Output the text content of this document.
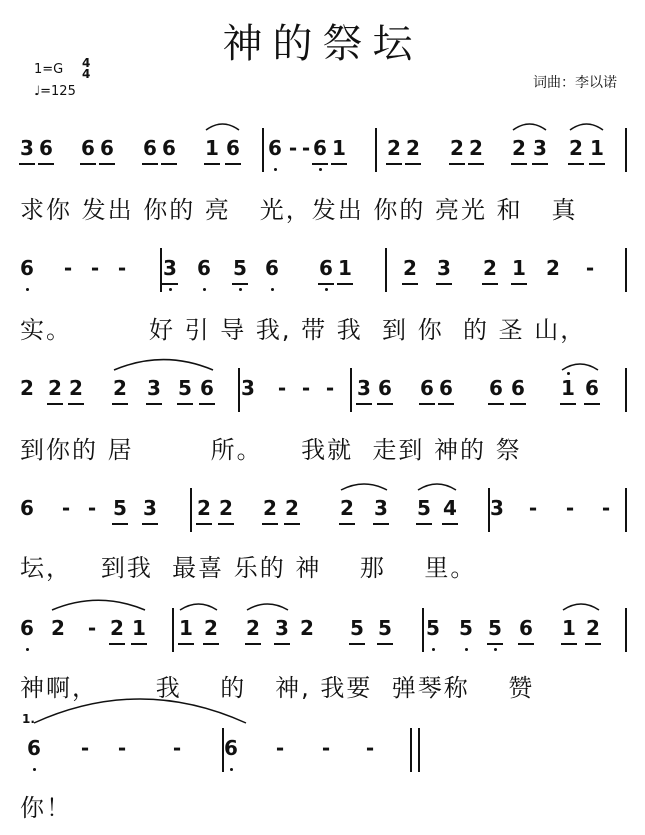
神的祭坛
1=G 4
4
♩=125
词曲：李以诺
3 6 6 6 6 6 1 6 6 - - 6 1 2 2 2 2 2 3 2 1
6 - - - 3 6 5 6 6 1	2 3 2 1 2 -
2 2 2 2 3 5 6 3 - - - 3 6 6 6 6 6 1 6
6 - - 5 3 2 2 2 2 2 3 5 4 3 - - -
6 2 - 2 1 1 2 2 3 2 5 5 5 5 5 6 1 2
6 - - - 6 - - -
求你 发出 你的 亮   光，发出 你的 亮光 和   真
实。        好 引 导 我, 带 我  到 你  的 圣 山，
到你的 居        所。    我就  走到 神的 祭
坛，   到我  最喜 乐的 神    那    里。
神啊，      我    的   神, 我要  弹琴称    赞
你！
1.
